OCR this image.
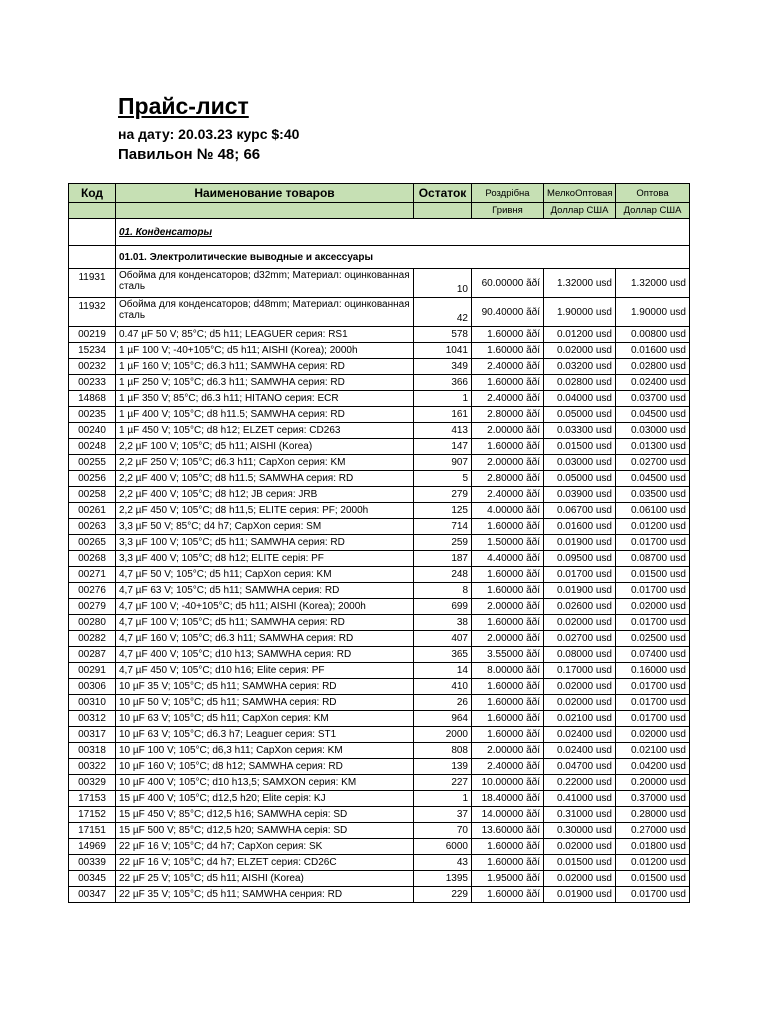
Прайс-лист
на дату: 20.03.23 курс $:40
Павильон № 48; 66
Код	Наименование товаров	Остаток	Роздрібна	МелкоОптовая	Оптова
			Гривня	Доллар США	Доллар США
	01. Конденсаторы				
	01.01. Электролитические выводные и аксессуары				
11931	Обойма для конденсаторов; d32mm; Материал: оцинкованная сталь	10	60.00000 ãðí	1.32000 usd	1.32000 usd
11932	Обойма для конденсаторов; d48mm; Материал: оцинкованная сталь	42	90.40000 ãðí	1.90000 usd	1.90000 usd
00219	0.47 µF 50 V; 85°C; d5 h11; LEAGUER серия: RS1	578	1.60000 ãðí	0.01200 usd	0.00800 usd
15234	1 µF 100 V; -40+105°C; d5 h11; AISHI (Korea); 2000h	1041	1.60000 ãðí	0.02000 usd	0.01600 usd
00232	1 µF 160 V; 105°C; d6.3 h11; SAMWHA серия: RD	349	2.40000 ãðí	0.03200 usd	0.02800 usd
00233	1 µF 250 V; 105°C; d6.3 h11; SAMWHA серия: RD	366	1.60000 ãðí	0.02800 usd	0.02400 usd
14868	1 µF 350 V; 85°C; d6.3 h11; HITANO серия: ECR	1	2.40000 ãðí	0.04000 usd	0.03700 usd
00235	1 µF 400 V; 105°C; d8 h11.5; SAMWHA серия: RD	161	2.80000 ãðí	0.05000 usd	0.04500 usd
00240	1 µF 450 V; 105°C; d8 h12; ELZET серия: CD263	413	2.00000 ãðí	0.03300 usd	0.03000 usd
00248	2,2 µF 100 V; 105°C; d5 h11; AISHI (Korea)	147	1.60000 ãðí	0.01500 usd	0.01300 usd
00255	2,2 µF 250 V; 105°C; d6.3 h11; CapXon серия: KM	907	2.00000 ãðí	0.03000 usd	0.02700 usd
00256	2,2 µF 400 V; 105°C; d8 h11.5; SAMWHA серия: RD	5	2.80000 ãðí	0.05000 usd	0.04500 usd
00258	2,2 µF 400 V; 105°C; d8 h12; JB серия: JRB	279	2.40000 ãðí	0.03900 usd	0.03500 usd
00261	2,2 µF 450 V; 105°C; d8 h11,5; ELITE серия: PF; 2000h	125	4.00000 ãðí	0.06700 usd	0.06100 usd
00263	3,3 µF 50 V; 85°C; d4 h7; CapXon серия: SM	714	1.60000 ãðí	0.01600 usd	0.01200 usd
00265	3,3 µF 100 V; 105°C; d5 h11; SAMWHA серия: RD	259	1.50000 ãðí	0.01900 usd	0.01700 usd
00268	3,3 µF 400 V; 105°C; d8 h12; ELITE серія: PF	187	4.40000 ãðí	0.09500 usd	0.08700 usd
00271	4,7 µF 50 V; 105°C; d5 h11; CapXon серия: KM	248	1.60000 ãðí	0.01700 usd	0.01500 usd
00276	4,7 µF 63 V; 105°C; d5 h11; SAMWHA серия: RD	8	1.60000 ãðí	0.01900 usd	0.01700 usd
00279	4,7 µF 100 V; -40+105°C; d5 h11; AISHI (Korea); 2000h	699	2.00000 ãðí	0.02600 usd	0.02000 usd
00280	4,7 µF 100 V; 105°C; d5 h11; SAMWHA серия: RD	38	1.60000 ãðí	0.02000 usd	0.01700 usd
00282	4,7 µF 160 V; 105°C; d6.3 h11; SAMWHA серия: RD	407	2.00000 ãðí	0.02700 usd	0.02500 usd
00287	4,7 µF 400 V; 105°C; d10 h13; SAMWHA серия: RD	365	3.55000 ãðí	0.08000 usd	0.07400 usd
00291	4,7 µF 450 V; 105°C; d10 h16; Elite серия: PF	14	8.00000 ãðí	0.17000 usd	0.16000 usd
00306	10 µF 35 V; 105°C; d5 h11; SAMWHA серия: RD	410	1.60000 ãðí	0.02000 usd	0.01700 usd
00310	10 µF 50 V; 105°C; d5 h11; SAMWHA серия: RD	26	1.60000 ãðí	0.02000 usd	0.01700 usd
00312	10 µF 63 V; 105°C; d5 h11; CapXon серия: KM	964	1.60000 ãðí	0.02100 usd	0.01700 usd
00317	10 µF 63 V; 105°C; d6.3 h7; Leaguer серия: ST1	2000	1.60000 ãðí	0.02400 usd	0.02000 usd
00318	10 µF 100 V; 105°C; d6,3 h11; CapXon серия: KM	808	2.00000 ãðí	0.02400 usd	0.02100 usd
00322	10 µF 160 V; 105°C; d8 h12; SAMWHA серия: RD	139	2.40000 ãðí	0.04700 usd	0.04200 usd
00329	10 µF 400 V; 105°C; d10 h13,5; SAMXON серия: KM	227	10.00000 ãðí	0.22000 usd	0.20000 usd
17153	15 µF 400 V; 105°C; d12,5 h20; Elite серія: KJ	1	18.40000 ãðí	0.41000 usd	0.37000 usd
17152	15 µF 450 V; 85°C; d12,5 h16; SAMWHA серія: SD	37	14.00000 ãðí	0.31000 usd	0.28000 usd
17151	15 µF 500 V; 85°C; d12,5 h20; SAMWHA серія: SD	70	13.60000 ãðí	0.30000 usd	0.27000 usd
14969	22 µF 16 V; 105°C; d4 h7; CapXon серия: SK	6000	1.60000 ãðí	0.02000 usd	0.01800 usd
00339	22 µF 16 V; 105°C; d4 h7; ELZET серия: CD26C	43	1.60000 ãðí	0.01500 usd	0.01200 usd
00345	22 µF 25 V; 105°C; d5 h11; AISHI (Korea)	1395	1.95000 ãðí	0.02000 usd	0.01500 usd
00347	22 µF 35 V; 105°C; d5 h11; SAMWHA сенрия: RD	229	1.60000 ãðí	0.01900 usd	0.01700 usd
